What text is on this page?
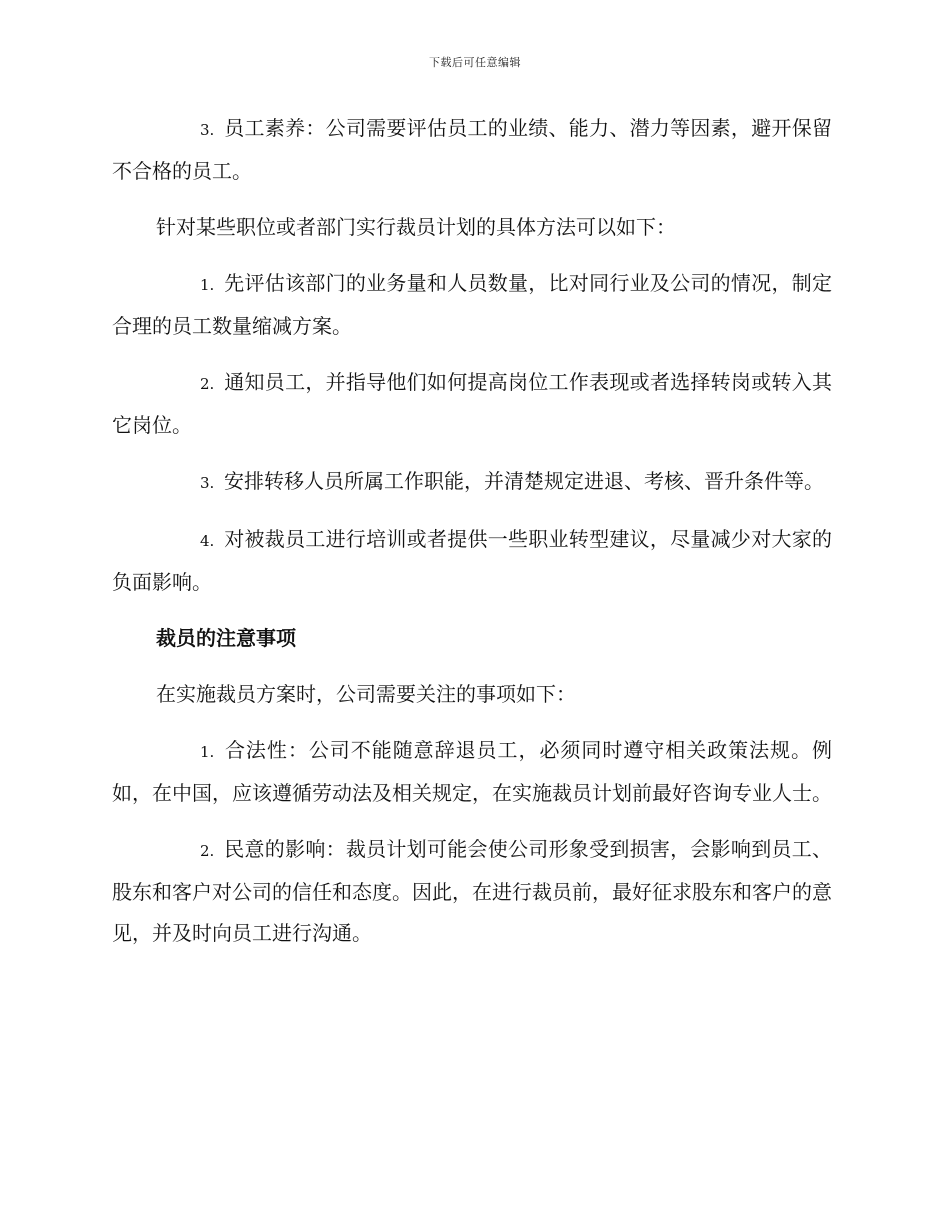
下载后可任意编辑

3. 员工素养：公司需要评估员工的业绩、能力、潜力等因素，避开保留不合格的员工。

针对某些职位或者部门实行裁员计划的具体方法可以如下：

1. 先评估该部门的业务量和人员数量，比对同行业及公司的情况，制定合理的员工数量缩减方案。

2. 通知员工，并指导他们如何提高岗位工作表现或者选择转岗或转入其它岗位。

3. 安排转移人员所属工作职能，并清楚规定进退、考核、晋升条件等。

4. 对被裁员工进行培训或者提供一些职业转型建议，尽量减少对大家的负面影响。

裁员的注意事项

在实施裁员方案时，公司需要关注的事项如下：

1. 合法性：公司不能随意辞退员工，必须同时遵守相关政策法规。例如，在中国，应该遵循劳动法及相关规定，在实施裁员计划前最好咨询专业人士。

2. 民意的影响：裁员计划可能会使公司形象受到损害，会影响到员工、股东和客户对公司的信任和态度。因此，在进行裁员前，最好征求股东和客户的意见，并及时向员工进行沟通。
